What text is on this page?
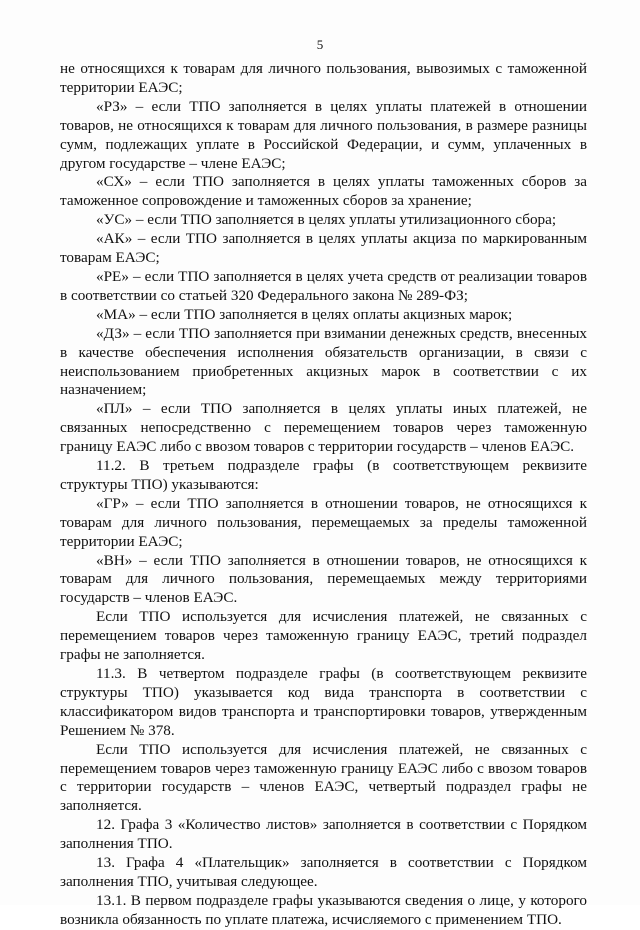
5

не относящихся к товарам для личного пользования, вывозимых с таможенной территории ЕАЭС;

«РЗ» – если ТПО заполняется в целях уплаты платежей в отношении товаров, не относящихся к товарам для личного пользования, в размере разницы сумм, подлежащих уплате в Российской Федерации, и сумм, уплаченных в другом государстве – члене ЕАЭС;

«СХ» – если ТПО заполняется в целях уплаты таможенных сборов за таможенное сопровождение и таможенных сборов за хранение;

«УС» – если ТПО заполняется в целях уплаты утилизационного сбора;

«АК» – если ТПО заполняется в целях уплаты акциза по маркированным товарам ЕАЭС;

«РЕ» – если ТПО заполняется в целях учета средств от реализации товаров в соответствии со статьей 320 Федерального закона № 289-ФЗ;

«МА» – если ТПО заполняется в целях оплаты акцизных марок;

«ДЗ» – если ТПО заполняется при взимании денежных средств, внесенных в качестве обеспечения исполнения обязательств организации, в связи с неиспользованием приобретенных акцизных марок в соответствии с их назначением;

«ПЛ» – если ТПО заполняется в целях уплаты иных платежей, не связанных непосредственно с перемещением товаров через таможенную границу ЕАЭС либо с ввозом товаров с территории государств – членов ЕАЭС.

11.2. В третьем подразделе графы (в соответствующем реквизите структуры ТПО) указываются:

«ГР» – если ТПО заполняется в отношении товаров, не относящихся к товарам для личного пользования, перемещаемых за пределы таможенной территории ЕАЭС;

«ВН» – если ТПО заполняется в отношении товаров, не относящихся к товарам для личного пользования, перемещаемых между территориями государств – членов ЕАЭС.

Если ТПО используется для исчисления платежей, не связанных с перемещением товаров через таможенную границу ЕАЭС, третий подраздел графы не заполняется.

11.3. В четвертом подразделе графы (в соответствующем реквизите структуры ТПО) указывается код вида транспорта в соответствии с классификатором видов транспорта и транспортировки товаров, утвержденным Решением № 378.

Если ТПО используется для исчисления платежей, не связанных с перемещением товаров через таможенную границу ЕАЭС либо с ввозом товаров с территории государств – членов ЕАЭС, четвертый подраздел графы не заполняется.

12. Графа 3 «Количество листов» заполняется в соответствии с Порядком заполнения ТПО.

13. Графа 4 «Плательщик» заполняется в соответствии с Порядком заполнения ТПО, учитывая следующее.

13.1. В первом подразделе графы указываются сведения о лице, у которого возникла обязанность по уплате платежа, исчисляемого с применением ТПО.
